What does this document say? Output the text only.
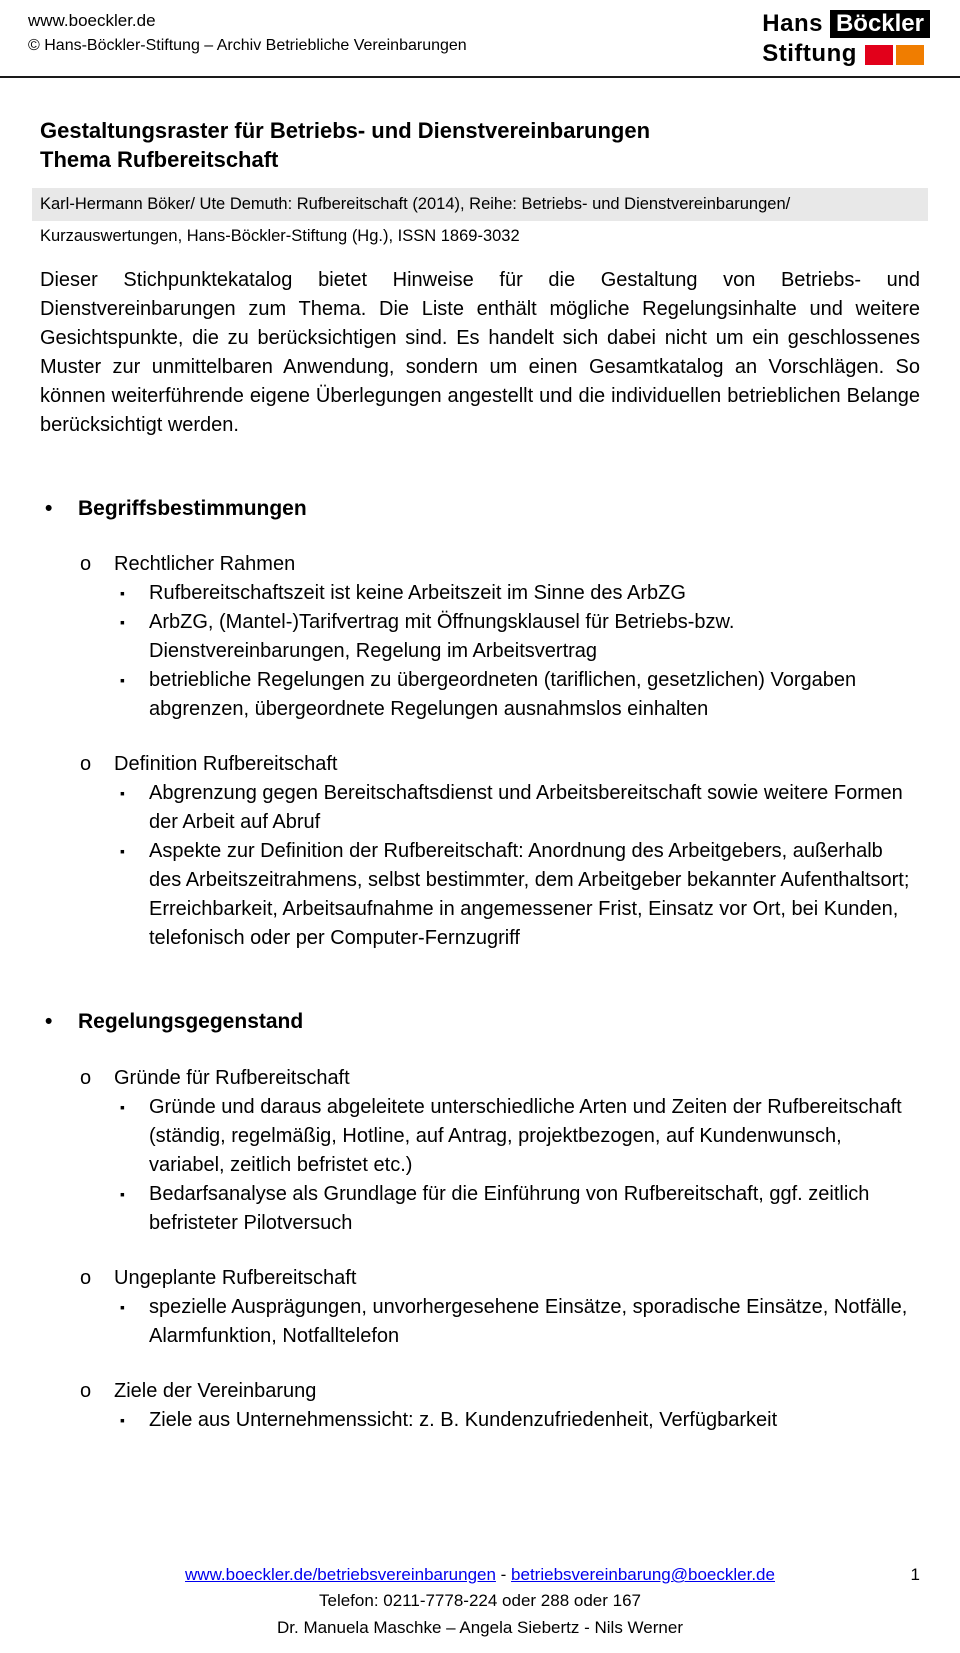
www.boeckler.de
© Hans-Böckler-Stiftung – Archiv Betriebliche Vereinbarungen
Hans Böckler
Stiftung
Gestaltungsraster für Betriebs- und Dienstvereinbarungen
Thema Rufbereitschaft
Karl-Hermann Böker/ Ute Demuth: Rufbereitschaft (2014), Reihe: Betriebs- und Dienstvereinbarungen/
Kurzauswertungen, Hans-Böckler-Stiftung (Hg.), ISSN 1869-3032

Dieser Stichpunktekatalog bietet Hinweise für die Gestaltung von Betriebs- und Dienstvereinbarungen zum Thema. Die Liste enthält mögliche Regelungsinhalte und weitere Gesichtspunkte, die zu berücksichtigen sind. Es handelt sich dabei nicht um ein geschlossenes Muster zur unmittelbaren Anwendung, sondern um einen Gesamtkatalog an Vorschlägen. So können weiterführende eigene Überlegungen angestellt und die individuellen betrieblichen Belange berücksichtigt werden.

•	Begriffsbestimmungen
o	Rechtlicher Rahmen
▪	Rufbereitschaftszeit ist keine Arbeitszeit im Sinne des ArbZG
▪	ArbZG, (Mantel-)Tarifvertrag mit Öffnungsklausel für Betriebs-bzw. Dienstvereinbarungen, Regelung im Arbeitsvertrag
▪	betriebliche Regelungen zu übergeordneten (tariflichen, gesetzlichen) Vorgaben abgrenzen, übergeordnete Regelungen ausnahmslos einhalten
o	Definition Rufbereitschaft
▪	Abgrenzung gegen Bereitschaftsdienst und Arbeitsbereitschaft sowie weitere Formen der Arbeit auf Abruf
▪	Aspekte zur Definition der Rufbereitschaft: Anordnung des Arbeitgebers, außerhalb des Arbeitszeitrahmens, selbst bestimmter, dem Arbeitgeber bekannter Aufenthaltsort; Erreichbarkeit, Arbeitsaufnahme in angemessener Frist, Einsatz vor Ort, bei Kunden, telefonisch oder per Computer-Fernzugriff
•	Regelungsgegenstand
o	Gründe für Rufbereitschaft
▪	Gründe und daraus abgeleitete unterschiedliche Arten und Zeiten der Rufbereitschaft (ständig, regelmäßig, Hotline, auf Antrag, projektbezogen, auf Kundenwunsch, variabel, zeitlich befristet etc.)
▪	Bedarfsanalyse als Grundlage für die Einführung von Rufbereitschaft, ggf. zeitlich befristeter Pilotversuch
o	Ungeplante Rufbereitschaft
▪	spezielle Ausprägungen, unvorhergesehene Einsätze, sporadische Einsätze, Notfälle, Alarmfunktion, Notfalltelefon
o	Ziele der Vereinbarung
▪	Ziele aus Unternehmenssicht: z. B. Kundenzufriedenheit, Verfügbarkeit
www.boeckler.de/betriebsvereinbarungen - betriebsvereinbarung@boeckler.de	1
Telefon: 0211-7778-224 oder 288 oder 167
Dr. Manuela Maschke – Angela Siebertz - Nils Werner
